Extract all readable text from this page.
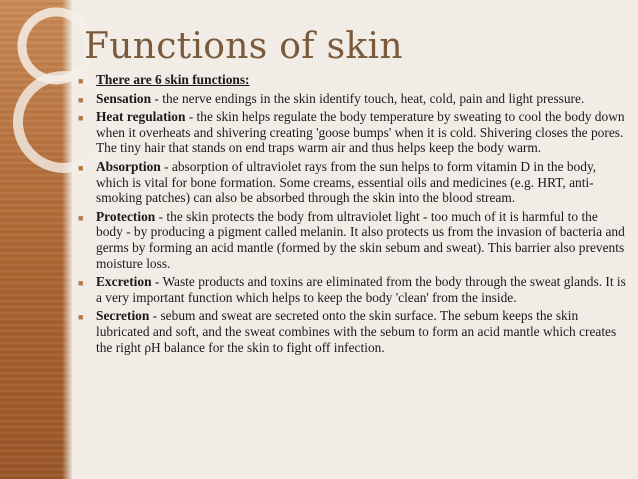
Functions of skin
■ There are 6 skin functions:
■ Sensation - the nerve endings in the skin identify touch, heat, cold, pain and light pressure.
■ Heat regulation - the skin helps regulate the body temperature by sweating to cool the body down when it overheats and shivering creating 'goose bumps' when it is cold. Shivering closes the pores. The tiny hair that stands on end traps warm air and thus helps keep the body warm.
■ Absorption - absorption of ultraviolet rays from the sun helps to form vitamin D in the body, which is vital for bone formation. Some creams, essential oils and medicines (e.g. HRT, anti-smoking patches) can also be absorbed through the skin into the blood stream.
■ Protection - the skin protects the body from ultraviolet light - too much of it is harmful to the body - by producing a pigment called melanin. It also protects us from the invasion of bacteria and germs by forming an acid mantle (formed by the skin sebum and sweat). This barrier also prevents moisture loss.
■ Excretion - Waste products and toxins are eliminated from the body through the sweat glands. It is a very important function which helps to keep the body 'clean' from the inside.
■ Secretion - sebum and sweat are secreted onto the skin surface. The sebum keeps the skin lubricated and soft, and the sweat combines with the sebum to form an acid mantle which creates the right ρH balance for the skin to fight off infection.
